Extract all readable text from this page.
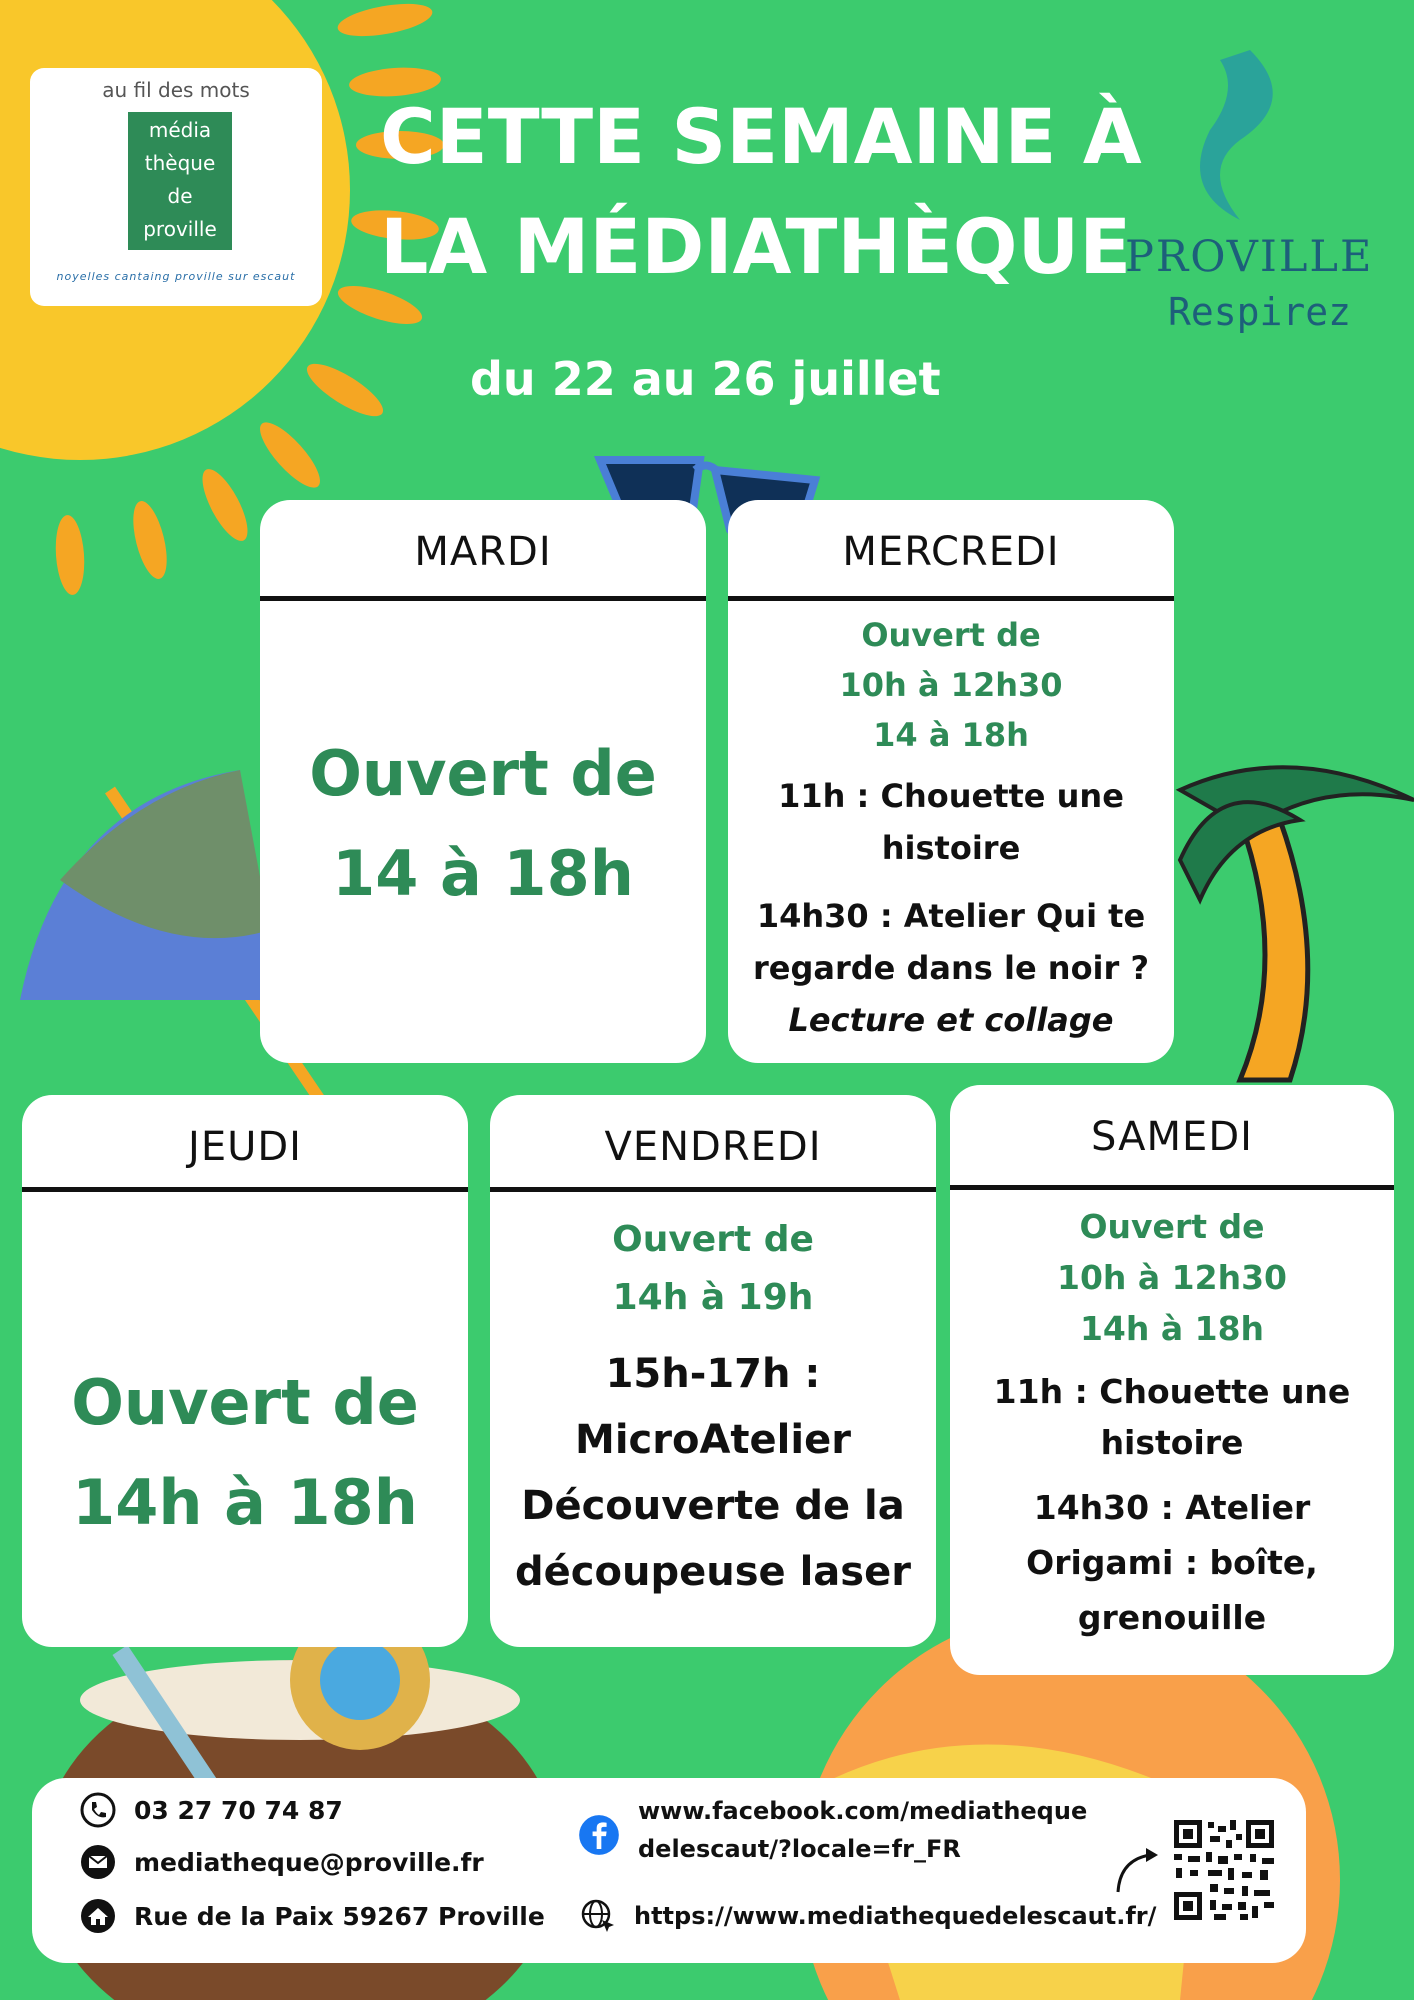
au fil des mots
média
thèque
de
proville
noyelles cantaing proville sur escaut
CETTE SEMAINE À
LA MÉDIATHÈQUE
du 22 au 26 juillet
PROVILLE
Respirez
MARDI
Ouvert de
14 à 18h
MERCREDI
Ouvert de
10h à 12h30
14 à 18h
11h : Chouette une
histoire
14h30 : Atelier Qui te
regarde dans le noir ?
Lecture et collage
JEUDI
Ouvert de
14h à 18h
VENDREDI
Ouvert de
14h à 19h
15h-17h :
MicroAtelier
Découverte de la
découpeuse laser
SAMEDI
Ouvert de
10h à 12h30
14h à 18h
11h : Chouette une
histoire
14h30 : Atelier
Origami : boîte,
grenouille
03 27 70 74 87
mediatheque@proville.fr
Rue de la Paix 59267 Proville
www.facebook.com/mediatheque
delescaut/?locale=fr_FR
https://www.mediathequedelescaut.fr/
